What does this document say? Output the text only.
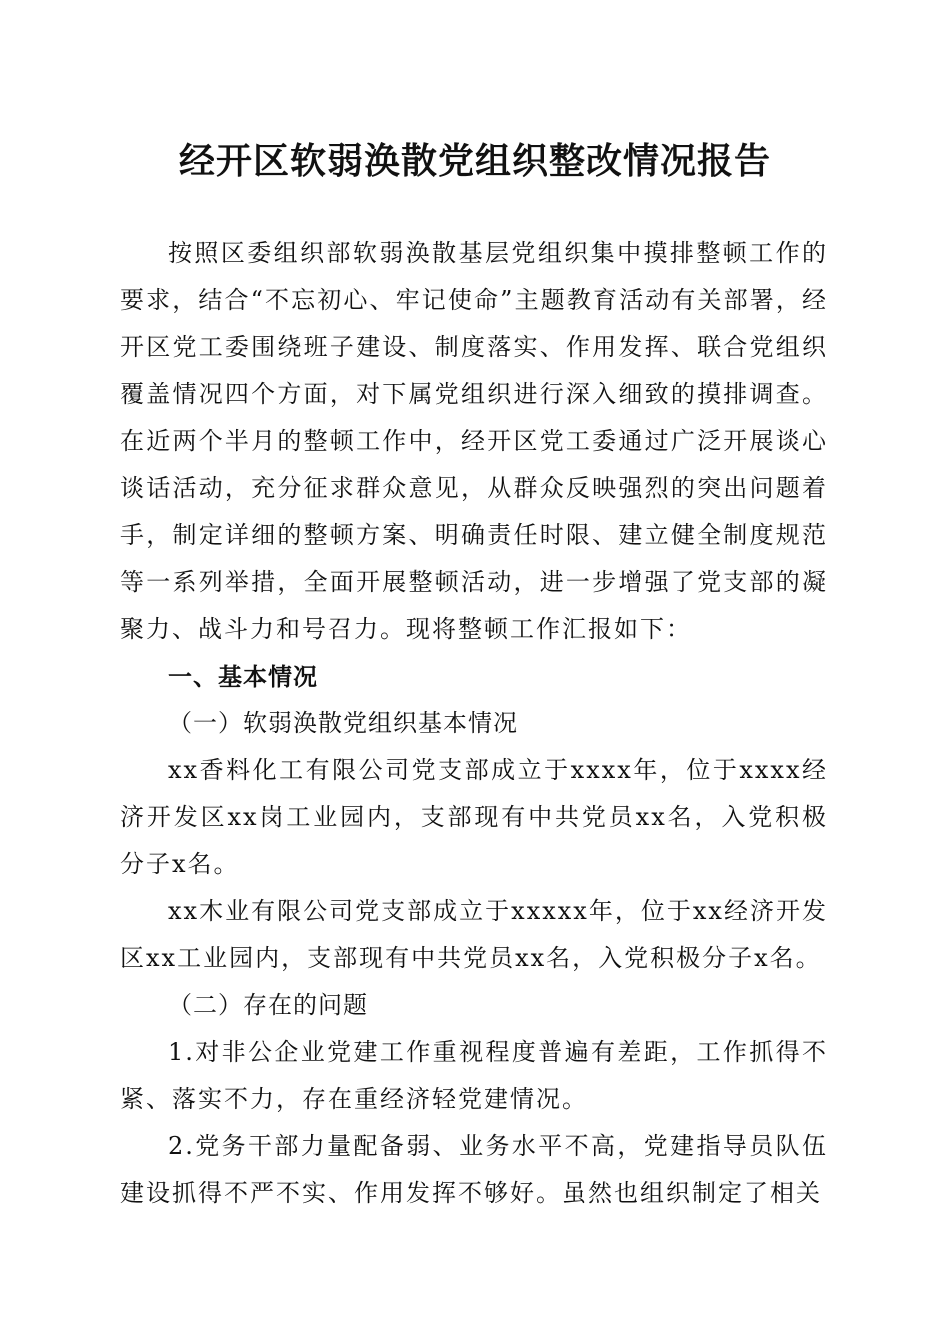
经开区软弱涣散党组织整改情况报告

按照区委组织部软弱涣散基层党组织集中摸排整顿工作的要求，结合“不忘初心、牢记使命”主题教育活动有关部署，经开区党工委围绕班子建设、制度落实、作用发挥、联合党组织覆盖情况四个方面，对下属党组织进行深入细致的摸排调查。在近两个半月的整顿工作中，经开区党工委通过广泛开展谈心谈话活动，充分征求群众意见，从群众反映强烈的突出问题着手，制定详细的整顿方案、明确责任时限、建立健全制度规范等一系列举措，全面开展整顿活动，进一步增强了党支部的凝聚力、战斗力和号召力。现将整顿工作汇报如下：

一、基本情况

（一）软弱涣散党组织基本情况

xx香料化工有限公司党支部成立于xxxx年，位于xxxx经济开发区xx岗工业园内，支部现有中共党员xx名，入党积极分子x名。

xx木业有限公司党支部成立于xxxxx年，位于xx经济开发区xx工业园内，支部现有中共党员xx名，入党积极分子x名。

（二）存在的问题

1.对非公企业党建工作重视程度普遍有差距，工作抓得不紧、落实不力，存在重经济轻党建情况。

2.党务干部力量配备弱、业务水平不高，党建指导员队伍建设抓得不严不实、作用发挥不够好。虽然也组织制定了相关
